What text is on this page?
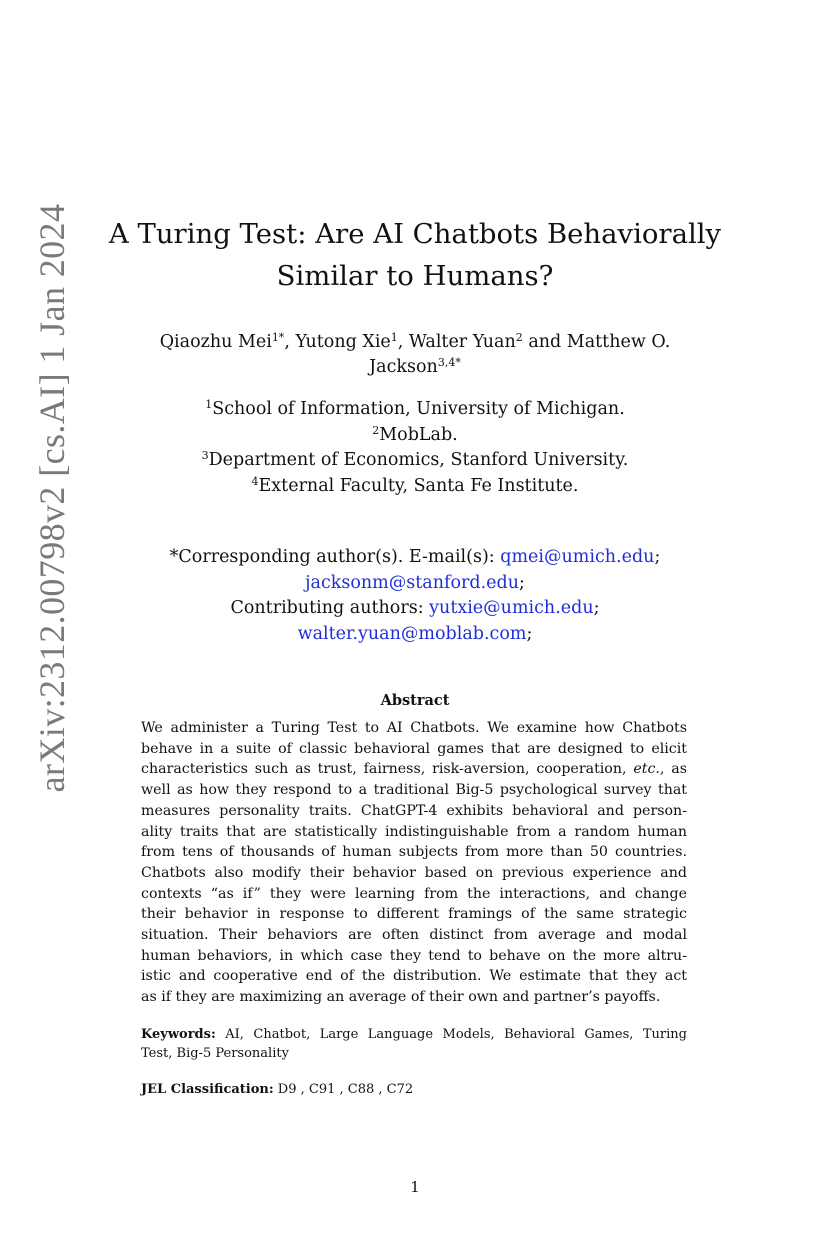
arXiv:2312.00798v2 [cs.AI] 1 Jan 2024	A Turing Test: Are AI Chatbots Behaviorally
Similar to Humans?
Qiaozhu Mei$^{1*}$, Yutong Xie$^1$, Walter Yuan$^2$ and Matthew O.
Jackson$^{3,4*}$
$^1$School of Information, University of Michigan.
$^2$MobLab.
$^3$Department of Economics, Stanford University.
$^4$External Faculty, Santa Fe Institute.
*Corresponding author(s). E-mail(s): qmei@umich.edu;
jacksonm@stanford.edu;
Contributing authors: yutxie@umich.edu;
walter.yuan@moblab.com;
Abstract
We administer a Turing Test to AI Chatbots. We examine how Chatbots
behave in a suite of classic behavioral games that are designed to elicit
characteristics such as trust, fairness, risk-aversion, cooperation, etc., as
well as how they respond to a traditional Big-5 psychological survey that
measures personality traits. ChatGPT-4 exhibits behavioral and person-
ality traits that are statistically indistinguishable from a random human
from tens of thousands of human subjects from more than 50 countries.
Chatbots also modify their behavior based on previous experience and
contexts “as if” they were learning from the interactions, and change
their behavior in response to different framings of the same strategic
situation. Their behaviors are often distinct from average and modal
human behaviors, in which case they tend to behave on the more altru-
istic and cooperative end of the distribution. We estimate that they act
as if they are maximizing an average of their own and partner’s payoffs.
Keywords: AI, Chatbot, Large Language Models, Behavioral Games, Turing
Test, Big-5 Personality
JEL Classification: D9 , C91 , C88 , C72
1
